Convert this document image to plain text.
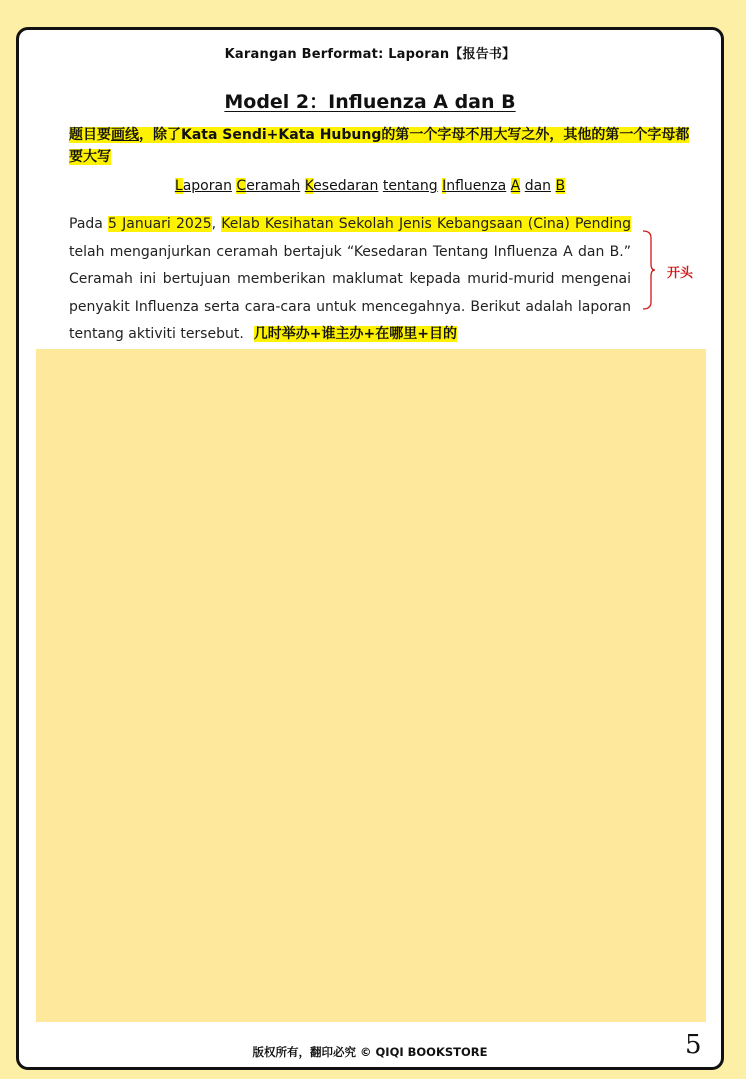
Karangan Berformat: Laporan【报告书】
Model 2：Influenza A dan B
题目要画线，除了Kata Sendi+Kata Hubung的第一个字母不用大写之外，其他的第一个字母都要大写
Laporan Ceramah Kesedaran tentang Influenza A dan B
Pada 5 Januari 2025, Kelab Kesihatan Sekolah Jenis Kebangsaan (Cina) Pending telah menganjurkan ceramah bertajuk “Kesedaran Tentang Influenza A dan B.” Ceramah ini bertujuan memberikan maklumat kepada murid-murid mengenai penyakit Influenza serta cara-cara untuk mencegahnya. Berikut adalah laporan tentang aktiviti tersebut. 几时举办+谁主办+在哪里+目的
开头
版权所有，翻印必究 © QIQI BOOKSTORE	5
